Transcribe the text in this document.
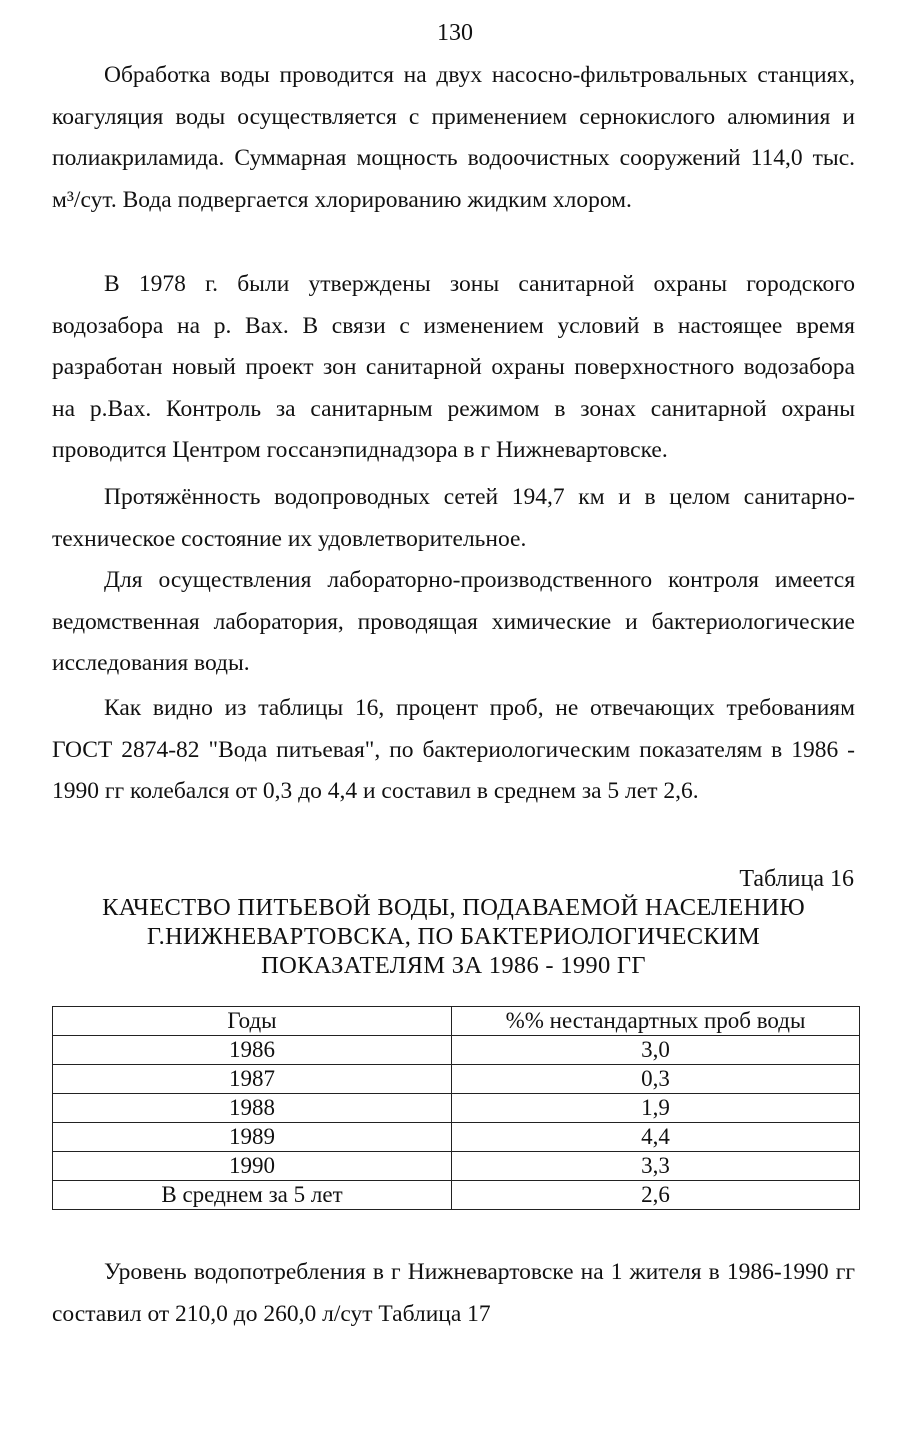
130

Обработка воды проводится на двух насосно-фильтровальных станциях, коагуляция воды осуществляется с применением сернокислого алюминия и полиакриламида. Суммарная мощность водоочистных сооружений 114,0 тыс. м³/сут. Вода подвергается хлорированию жидким хлором.

В 1978 г. были утверждены зоны санитарной охраны городского водозабора на р. Вах. В связи с изменением условий в настоящее время разработан новый проект зон санитарной охраны поверхностного водозабора на р.Вах. Контроль за санитарным режимом в зонах санитарной охраны проводится Центром госсанэпиднадзора в г Нижневартовске.

Протяжённость водопроводных сетей 194,7 км и в целом санитарно-техническое состояние их удовлетворительное.

Для осуществления лабораторно-производственного контроля имеется ведомственная лаборатория, проводящая химические и бактериологические исследования воды.

Как видно из таблицы 16, процент проб, не отвечающих требованиям ГОСТ 2874-82 "Вода питьевая", по бактериологическим показателям в 1986 - 1990 гг колебался от 0,3 до 4,4 и составил в среднем за 5 лет 2,6.

Таблица 16
КАЧЕСТВО ПИТЬЕВОЙ ВОДЫ, ПОДАВАЕМОЙ НАСЕЛЕНИЮ
Г.НИЖНЕВАРТОВСКА, ПО БАКТЕРИОЛОГИЧЕСКИМ
ПОКАЗАТЕЛЯМ ЗА 1986 - 1990 ГГ
Годы	%% нестандартных проб воды
1986	3,0
1987	0,3
1988	1,9
1989	4,4
1990	3,3
В среднем за 5 лет	2,6

Уровень водопотребления в г Нижневартовске на 1 жителя в 1986-1990 гг составил от 210,0 до 260,0 л/сут Таблица 17
